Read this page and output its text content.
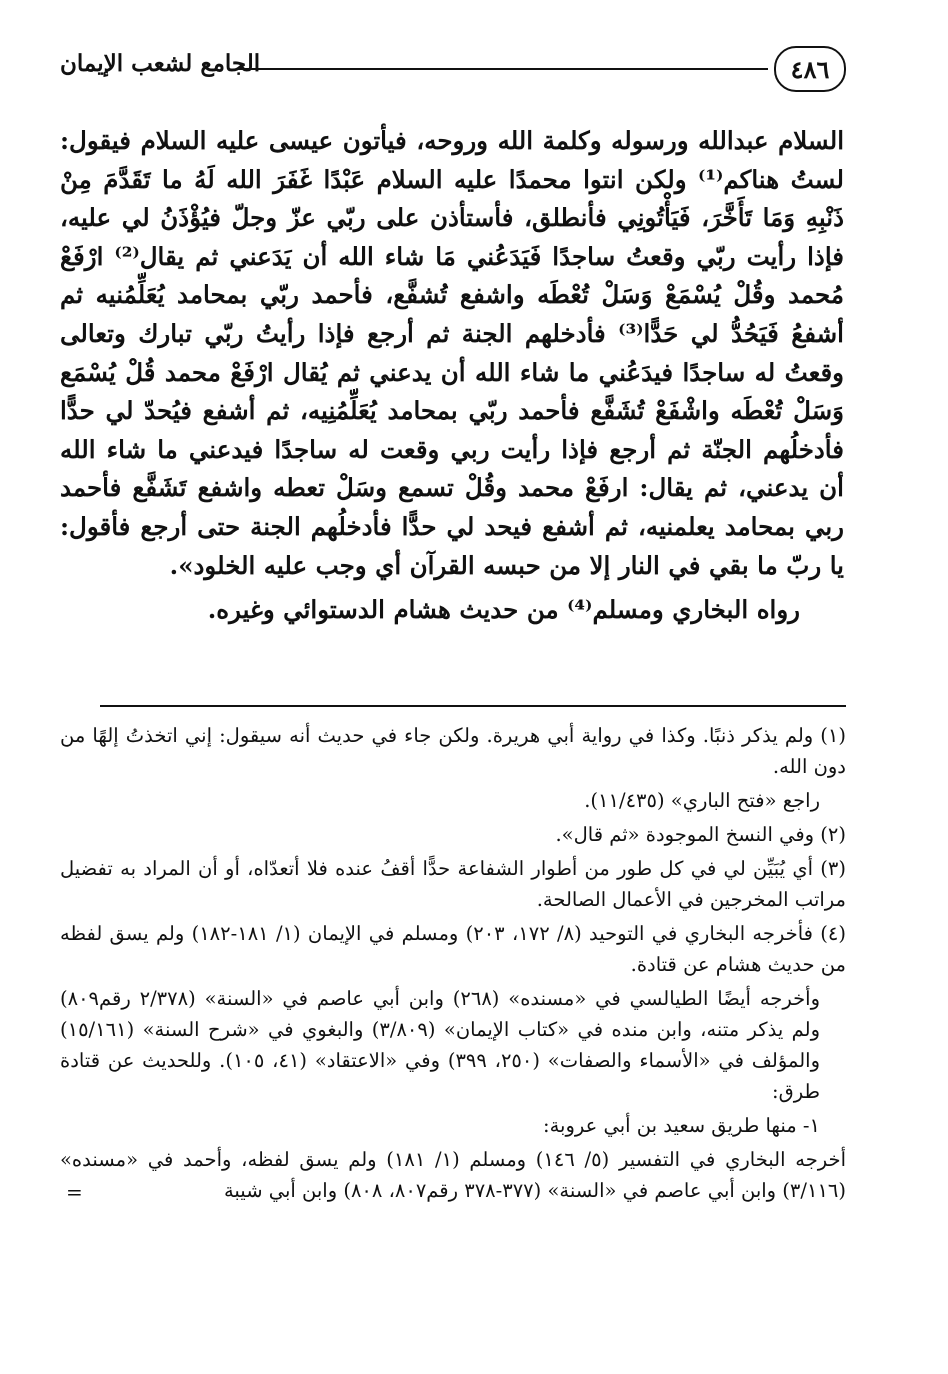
٤٨٦
الجامع لشعب الإيمان

السلام عبدالله ورسوله وكلمة الله وروحه، فيأتون عيسى عليه السلام فيقول: لستُ هناكم⁽¹⁾ ولكن انتوا محمدًا عليه السلام عَبْدًا غَفَرَ الله لَهُ ما تَقَدَّمَ مِنْ ذَنْبِهِ وَمَا تَأَخَّرَ، فَيَأْتُونِي فأنطلق، فأستأذن على ربّي عزّ وجلّ فيُؤْذَنُ لي عليه، فإذا رأيت ربّي وقعتُ ساجدًا فَيَدَعُني مَا شاء الله أن يَدَعني ثم يقال⁽²⁾ ارْفَعْ مُحمد وقُلْ يُسْمَعْ وَسَلْ تُعْطَه واشفع تُشفَّع، فأحمد ربّي بمحامد يُعَلِّمُنيه ثم أشفعُ فَيَحُدُّ لي حَدًّا⁽³⁾ فأدخلهم الجنة ثم أرجع فإذا رأيتُ ربّي تبارك وتعالى وقعتُ له ساجدًا فيدَعُني ما شاء الله أن يدعني ثم يُقال ارْفَعْ محمد قُلْ يُسْمَع وَسَلْ تُعْطَه واشْفَعْ تُشَفَّع فأحمد ربّي بمحامد يُعَلِّمُنِيه، ثم أشفع فيُحدّ لي حدًّا فأدخلُهم الجنّة ثم أرجع فإذا رأيت ربي وقعت له ساجدًا فيدعني ما شاء الله أن يدعني، ثم يقال: ارفَعْ محمد وقُلْ تسمع وسَلْ تعطه واشفع تَشَفَّع فأحمد ربي بمحامد يعلمنيه، ثم أشفع فيحد لي حدًّا فأدخلُهم الجنة حتى أرجع فأقول: يا ربّ ما بقي في النار إلا من حبسه القرآن أي وجب عليه الخلود».

رواه البخاري ومسلم⁽⁴⁾ من حديث هشام الدستوائي وغيره.

(١) ولم يذكر ذنبًا. وكذا في رواية أبي هريرة. ولكن جاء في حديث أنه سيقول: إني اتخذتُ إلهًا من دون الله.

راجع «فتح الباري» (١١/٤٣٥).

(٢) وفي النسخ الموجودة «ثم قال».

(٣) أي يُبَيِّن لي في كل طور من أطوار الشفاعة حدًّا أقفُ عنده فلا أتعدّاه، أو أن المراد به تفضيل مراتب المخرجين في الأعمال الصالحة.

(٤) فأخرجه البخاري في التوحيد (٨/ ١٧٢، ٢٠٣) ومسلم في الإيمان (١/ ١٨١-١٨٢) ولم يسق لفظه من حديث هشام عن قتادة.

وأخرجه أيضًا الطيالسي في «مسنده» (٢٦٨) وابن أبي عاصم في «السنة» (٢/٣٧٨ رقم٨٠٩) ولم يذكر متنه، وابن منده في «كتاب الإيمان» (٣/٨٠٩) والبغوي في «شرح السنة» (١٥/١٦١) والمؤلف في «الأسماء والصفات» (٢٥٠، ٣٩٩) وفي «الاعتقاد» (٤١، ١٠٥). وللحديث عن قتادة طرق:

١- منها طريق سعيد بن أبي عروبة:

أخرجه البخاري في التفسير (٥/ ١٤٦) ومسلم (١/ ١٨١) ولم يسق لفظه، وأحمد في «مسنده» (٣/١١٦) وابن أبي عاصم في «السنة» (٣٧٧-٣٧٨ رقم٨٠٧، ٨٠٨) وابن أبي شيبة
=
